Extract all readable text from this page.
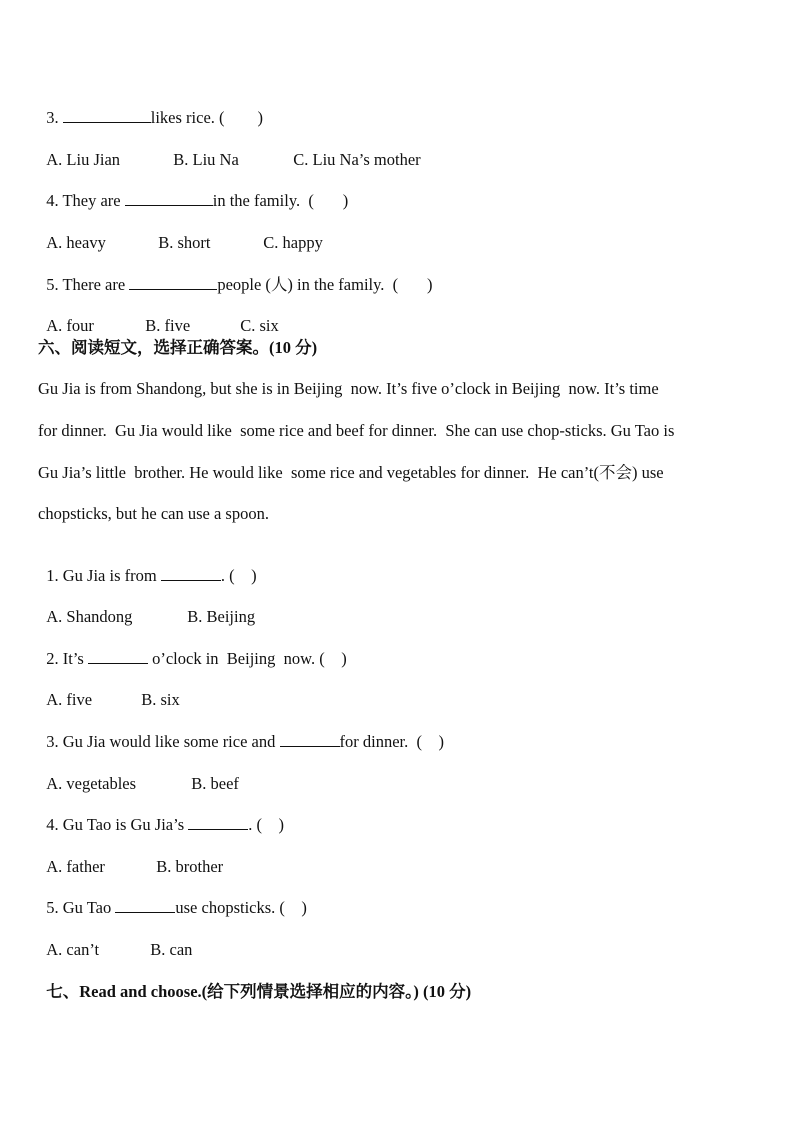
3.	likes rice. (        )

A. Liu Jian	B. Liu Na	C. Liu Na’s mother

4. They are	in the family.  (       )

A. heavy	B. short	C. happy

5. There are	people (人) in the family.  (       )

A. four	B. five	C. six

六、阅读短文，选择正确答案。(10 分)
Gu Jia is from Shandong, but she is in Beijing  now. It’s five o’clock in Beijing  now. It’s time
for dinner.  Gu Jia would like  some rice and beef for dinner.  She can use chop-sticks. Gu Tao is
Gu Jia’s little  brother. He would like  some rice and vegetables for dinner.  He can’t(不会) use
chopsticks, but he can use a spoon.

1. Gu Jia is from	. (    )

A. Shandong	B. Beijing

2. It’s	o’clock in  Beijing  now. (    )

A. five	B. six

3. Gu Jia would like some rice and	for dinner.  (    )

A. vegetables	B. beef

4. Gu Tao is Gu Jia’s	. (    )

A. father	B. brother

5. Gu Tao	use chopsticks. (    )

A. can’t	B. can

七、Read and choose.(给下列情景选择相应的内容。) (10 分)
